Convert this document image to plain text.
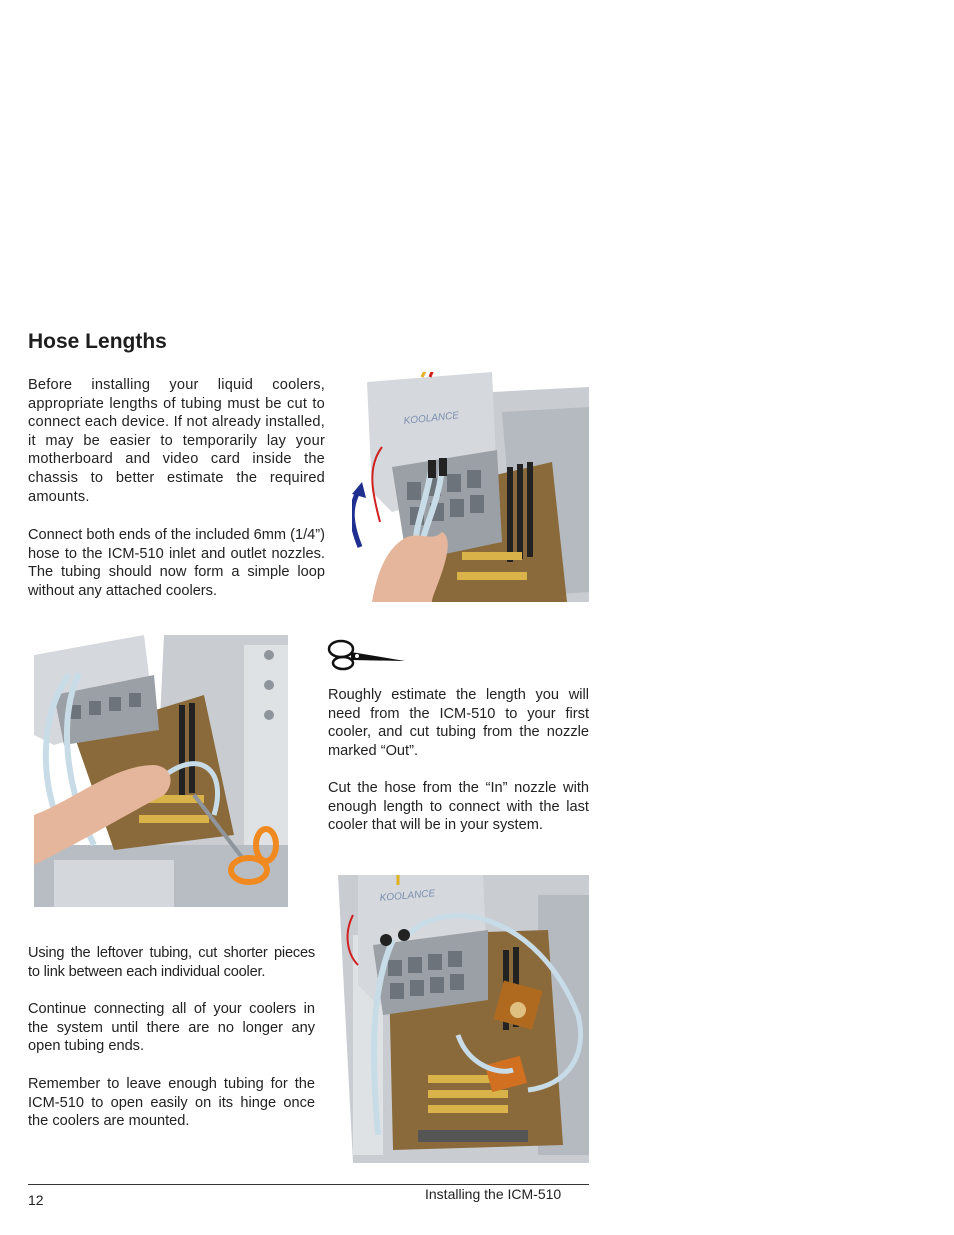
Hose Lengths

Before installing your liquid coolers, appropriate lengths of tubing must be cut to connect each device. If not already installed, it may be easier to temporarily lay your motherboard and video card inside the chassis to better estimate the required amounts.

Connect both ends of the included 6mm (1/4”) hose to the ICM-510 inlet and outlet nozzles. The tubing should now form a simple loop without any attached coolers.

KOOLANCE

Roughly estimate the length you will need from the ICM-510 to your first cooler, and cut tubing from the nozzle marked “Out”.

Cut the hose from the “In” nozzle with enough length to connect with the last cooler that will be in your system.

Using the leftover tubing, cut shorter pieces to link between each individual cooler.

Continue connecting all of your coolers in the system until there are no longer any open tubing ends.

Remember to leave enough tubing for the ICM-510 to open easily on its hinge once the coolers are mounted.

KOOLANCE
12	Installing the ICM-510
